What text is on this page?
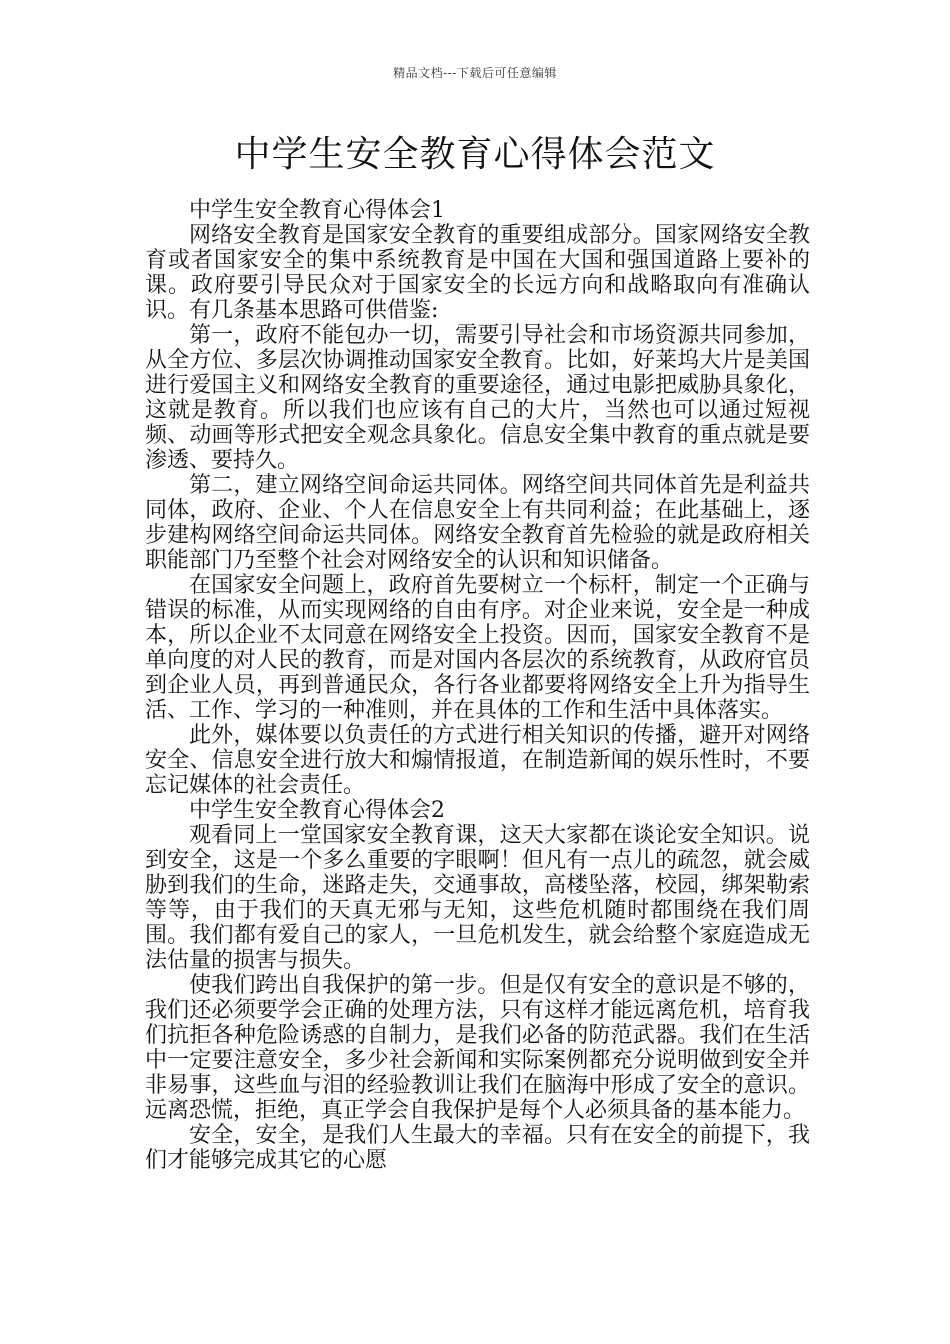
精品文档---下载后可任意编辑
中学生安全教育心得体会范文

中学生安全教育心得体会1

网络安全教育是国家安全教育的重要组成部分。国家网络安全教育或者国家安全的集中系统教育是中国在大国和强国道路上要补的课。政府要引导民众对于国家安全的长远方向和战略取向有准确认识。有几条基本思路可供借鉴:

第一，政府不能包办一切，需要引导社会和市场资源共同参加，从全方位、多层次协调推动国家安全教育。比如，好莱坞大片是美国进行爱国主义和网络安全教育的重要途径，通过电影把威胁具象化，这就是教育。所以我们也应该有自己的大片，当然也可以通过短视频、动画等形式把安全观念具象化。信息安全集中教育的重点就是要渗透、要持久。

第二，建立网络空间命运共同体。网络空间共同体首先是利益共同体，政府、企业、个人在信息安全上有共同利益；在此基础上，逐步建构网络空间命运共同体。网络安全教育首先检验的就是政府相关职能部门乃至整个社会对网络安全的认识和知识储备。

在国家安全问题上，政府首先要树立一个标杆，制定一个正确与错误的标准，从而实现网络的自由有序。对企业来说，安全是一种成本，所以企业不太同意在网络安全上投资。因而，国家安全教育不是单向度的对人民的教育，而是对国内各层次的系统教育，从政府官员到企业人员，再到普通民众，各行各业都要将网络安全上升为指导生活、工作、学习的一种准则，并在具体的工作和生活中具体落实。

此外，媒体要以负责任的方式进行相关知识的传播，避开对网络安全、信息安全进行放大和煽情报道，在制造新闻的娱乐性时，不要忘记媒体的社会责任。

中学生安全教育心得体会2

观看同上一堂国家安全教育课，这天大家都在谈论安全知识。说到安全，这是一个多么重要的字眼啊！但凡有一点儿的疏忽，就会威胁到我们的生命，迷路走失，交通事故，高楼坠落，校园，绑架勒索等等，由于我们的天真无邪与无知，这些危机随时都围绕在我们周围。我们都有爱自己的家人，一旦危机发生，就会给整个家庭造成无法估量的损害与损失。

使我们跨出自我保护的第一步。但是仅有安全的意识是不够的，我们还必须要学会正确的处理方法，只有这样才能远离危机，培育我们抗拒各种危险诱惑的自制力，是我们必备的防范武器。我们在生活中一定要注意安全，多少社会新闻和实际案例都充分说明做到安全并非易事，这些血与泪的经验教训让我们在脑海中形成了安全的意识。远离恐慌，拒绝，真正学会自我保护是每个人必须具备的基本能力。

安全，安全，是我们人生最大的幸福。只有在安全的前提下，我们才能够完成其它的心愿
